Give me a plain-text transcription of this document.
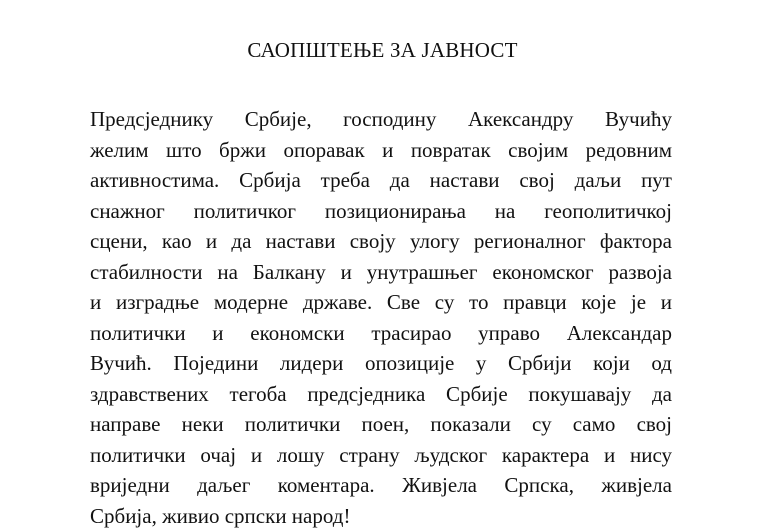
САОПШТЕЊЕ ЗА ЈАВНОСТ
Предсједнику Србије, господину Акександру Вучићу
желим што бржи опоравак и повратак својим редовним
активностима. Србија треба да настави свој даљи пут
снажног политичког позиционирања на геополитичкој
сцени, као и да настави своју улогу регионалног фактора
стабилности на Балкану и унутрашњег економског развоја
и изградње модерне државе. Све су то правци које је и
политички и економски трасирао управо Александар
Вучић. Поједини лидери опозиције у Србији који од
здравствених тегоба предсједника Србије покушавају да
направе неки политички поен, показали су само свој
политички очај и лошу страну људског карактера и нису
вриједни даљег коментара. Живјела Српска, живјела
Србија, живио српски народ!
